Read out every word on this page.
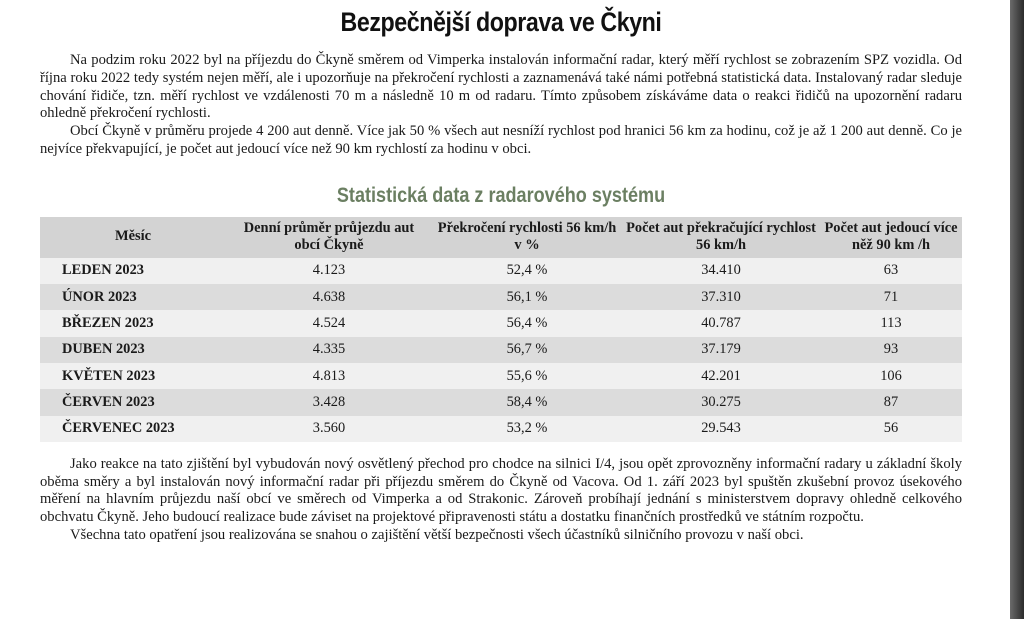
Bezpečnější doprava ve Čkyni

Na podzim roku 2022 byl na příjezdu do Čkyně směrem od Vimperka instalován informační radar, který měří rychlost se zobrazením SPZ vozidla. Od října roku 2022 tedy systém nejen měří, ale i upozorňuje na překročení rychlosti a zaznamenává také námi potřebná statistická data. Instalovaný radar sleduje chování řidiče, tzn. měří rychlost ve vzdálenosti 70 m a následně 10 m od radaru. Tímto způsobem získáváme data o reakci řidičů na upozornění radaru ohledně překročení rychlosti.

Obcí Čkyně v průměru projede 4 200 aut denně. Více jak 50 % všech aut nesníží rychlost pod hranici 56 km za hodinu, což je až 1 200 aut denně. Co je nejvíce překvapující, je počet aut jedoucí více než 90 km rychlostí za hodinu v obci.

Statistická data z radarového systému
Měsíc	Denní průměr průjezdu aut obcí Čkyně	Překročení rychlosti 56 km/h v %	Počet aut překračující rychlost 56 km/h	Počet aut jedoucí více něž 90 km /h
LEDEN 2023	4.123	52,4 %	34.410	63
ÚNOR 2023	4.638	56,1 %	37.310	71
BŘEZEN 2023	4.524	56,4 %	40.787	113
DUBEN 2023	4.335	56,7 %	37.179	93
KVĚTEN 2023	4.813	55,6 %	42.201	106
ČERVEN 2023	3.428	58,4 %	30.275	87
ČERVENEC 2023	3.560	53,2 %	29.543	56

Jako reakce na tato zjištění byl vybudován nový osvětlený přechod pro chodce na silnici I/4, jsou opět zprovozněny informační radary u základní školy oběma směry a byl instalován nový informační radar při příjezdu směrem do Čkyně od Vacova. Od 1. září 2023 byl spuštěn zkušební provoz úsekového měření na hlavním průjezdu naší obcí ve směrech od Vimperka a od Strakonic. Zároveň probíhají jednání s ministerstvem dopravy ohledně celkového obchvatu Čkyně. Jeho budoucí realizace bude záviset na projektové připravenosti státu a dostatku finančních prostředků ve státním rozpočtu.

Všechna tato opatření jsou realizována se snahou o zajištění větší bezpečnosti všech účastníků silničního provozu v naší obci.
